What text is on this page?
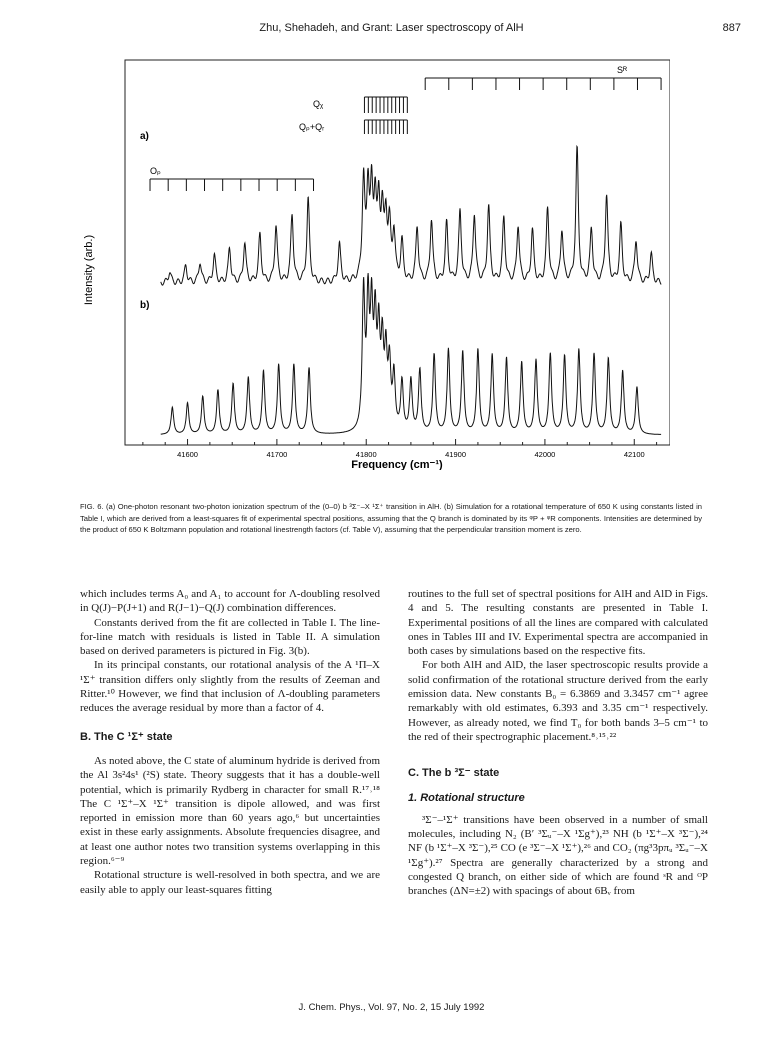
Zhu, Shehadeh, and Grant: Laser spectroscopy of AlH	887
41600	41700	41800	41900	42000	42100
Intensity (arb.)
Frequency (cm⁻¹)
a)
b)
Sᴿ
Qᵪ
Qₚ+Qᵣ
Oₚ
FIG. 6. (a) One-photon resonant two-photon ionization spectrum of the (0–0) b ³Σ⁻–X ¹Σ⁺ transition in AlH. (b) Simulation for a rotational temperature of 650 K using constants listed in Table I, which are derived from a least-squares fit of experimental spectral positions, assuming that the Q branch is dominated by its ᵠP + ᵠR components. Intensities are determined by the product of 650 K Boltzmann population and rotational linestrength factors (cf. Table V), assuming that the perpendicular transition moment is zero.

which includes terms A₀ and A₁ to account for Λ-doubling resolved in Q(J)−P(J+1) and R(J−1)−Q(J) combination differences.

Constants derived from the fit are collected in Table I. The line-for-line match with residuals is listed in Table II. A simulation based on derived parameters is pictured in Fig. 3(b).

In its principal constants, our rotational analysis of the A ¹Π–X ¹Σ⁺ transition differs only slightly from the results of Zeeman and Ritter.¹⁰ However, we find that inclusion of Λ-doubling parameters reduces the average residual by more than a factor of 4.

B. The C ¹Σ⁺ state

As noted above, the C state of aluminum hydride is derived from the Al 3s²4s¹ (²S) state. Theory suggests that it has a double-well potential, which is primarily Rydberg in character for small R.¹⁷˒¹⁸ The C ¹Σ⁺–X ¹Σ⁺ transition is dipole allowed, and was first reported in emission more than 60 years ago,⁶ but uncertainties exist in these early assignments. Absolute frequencies disagree, and at least one author notes two transition systems overlapping in this region.⁶⁻⁹

Rotational structure is well-resolved in both spectra, and we are easily able to apply our least-squares fitting

routines to the full set of spectral positions for AlH and AlD in Figs. 4 and 5. The resulting constants are presented in Table I. Experimental positions of all the lines are compared with calculated ones in Tables III and IV. Experimental spectra are accompanied in both cases by simulations based on the respective fits.

For both AlH and AlD, the laser spectroscopic results provide a solid confirmation of the rotational structure derived from the early emission data. New constants B₀ = 6.3869 and 3.3457 cm⁻¹ agree remarkably with old estimates, 6.393 and 3.35 cm⁻¹ respectively. However, as already noted, we find T₀ for both bands 3–5 cm⁻¹ to the red of their spectrographic placement.⁸˒¹⁵˒²²

C. The b ³Σ⁻ state
1. Rotational structure

³Σ⁻–¹Σ⁺ transitions have been observed in a number of small molecules, including N₂ (B′ ³Σᵤ⁻–X ¹Σg⁺),²³ NH (b ¹Σ⁺–X ³Σ⁻),²⁴ NF (b ¹Σ⁺–X ³Σ⁻),²⁵ CO (e ³Σ⁻–X ¹Σ⁺),²⁶ and CO₂ (πg³3pπᵤ ³Σᵤ⁻–X ¹Σg⁺).²⁷ Spectra are generally characterized by a strong and congested Q branch, on either side of which are found ˢR and ᴼP branches (ΔN=±2) with spacings of about 6Bᵥ from

J. Chem. Phys., Vol. 97, No. 2, 15 July 1992
